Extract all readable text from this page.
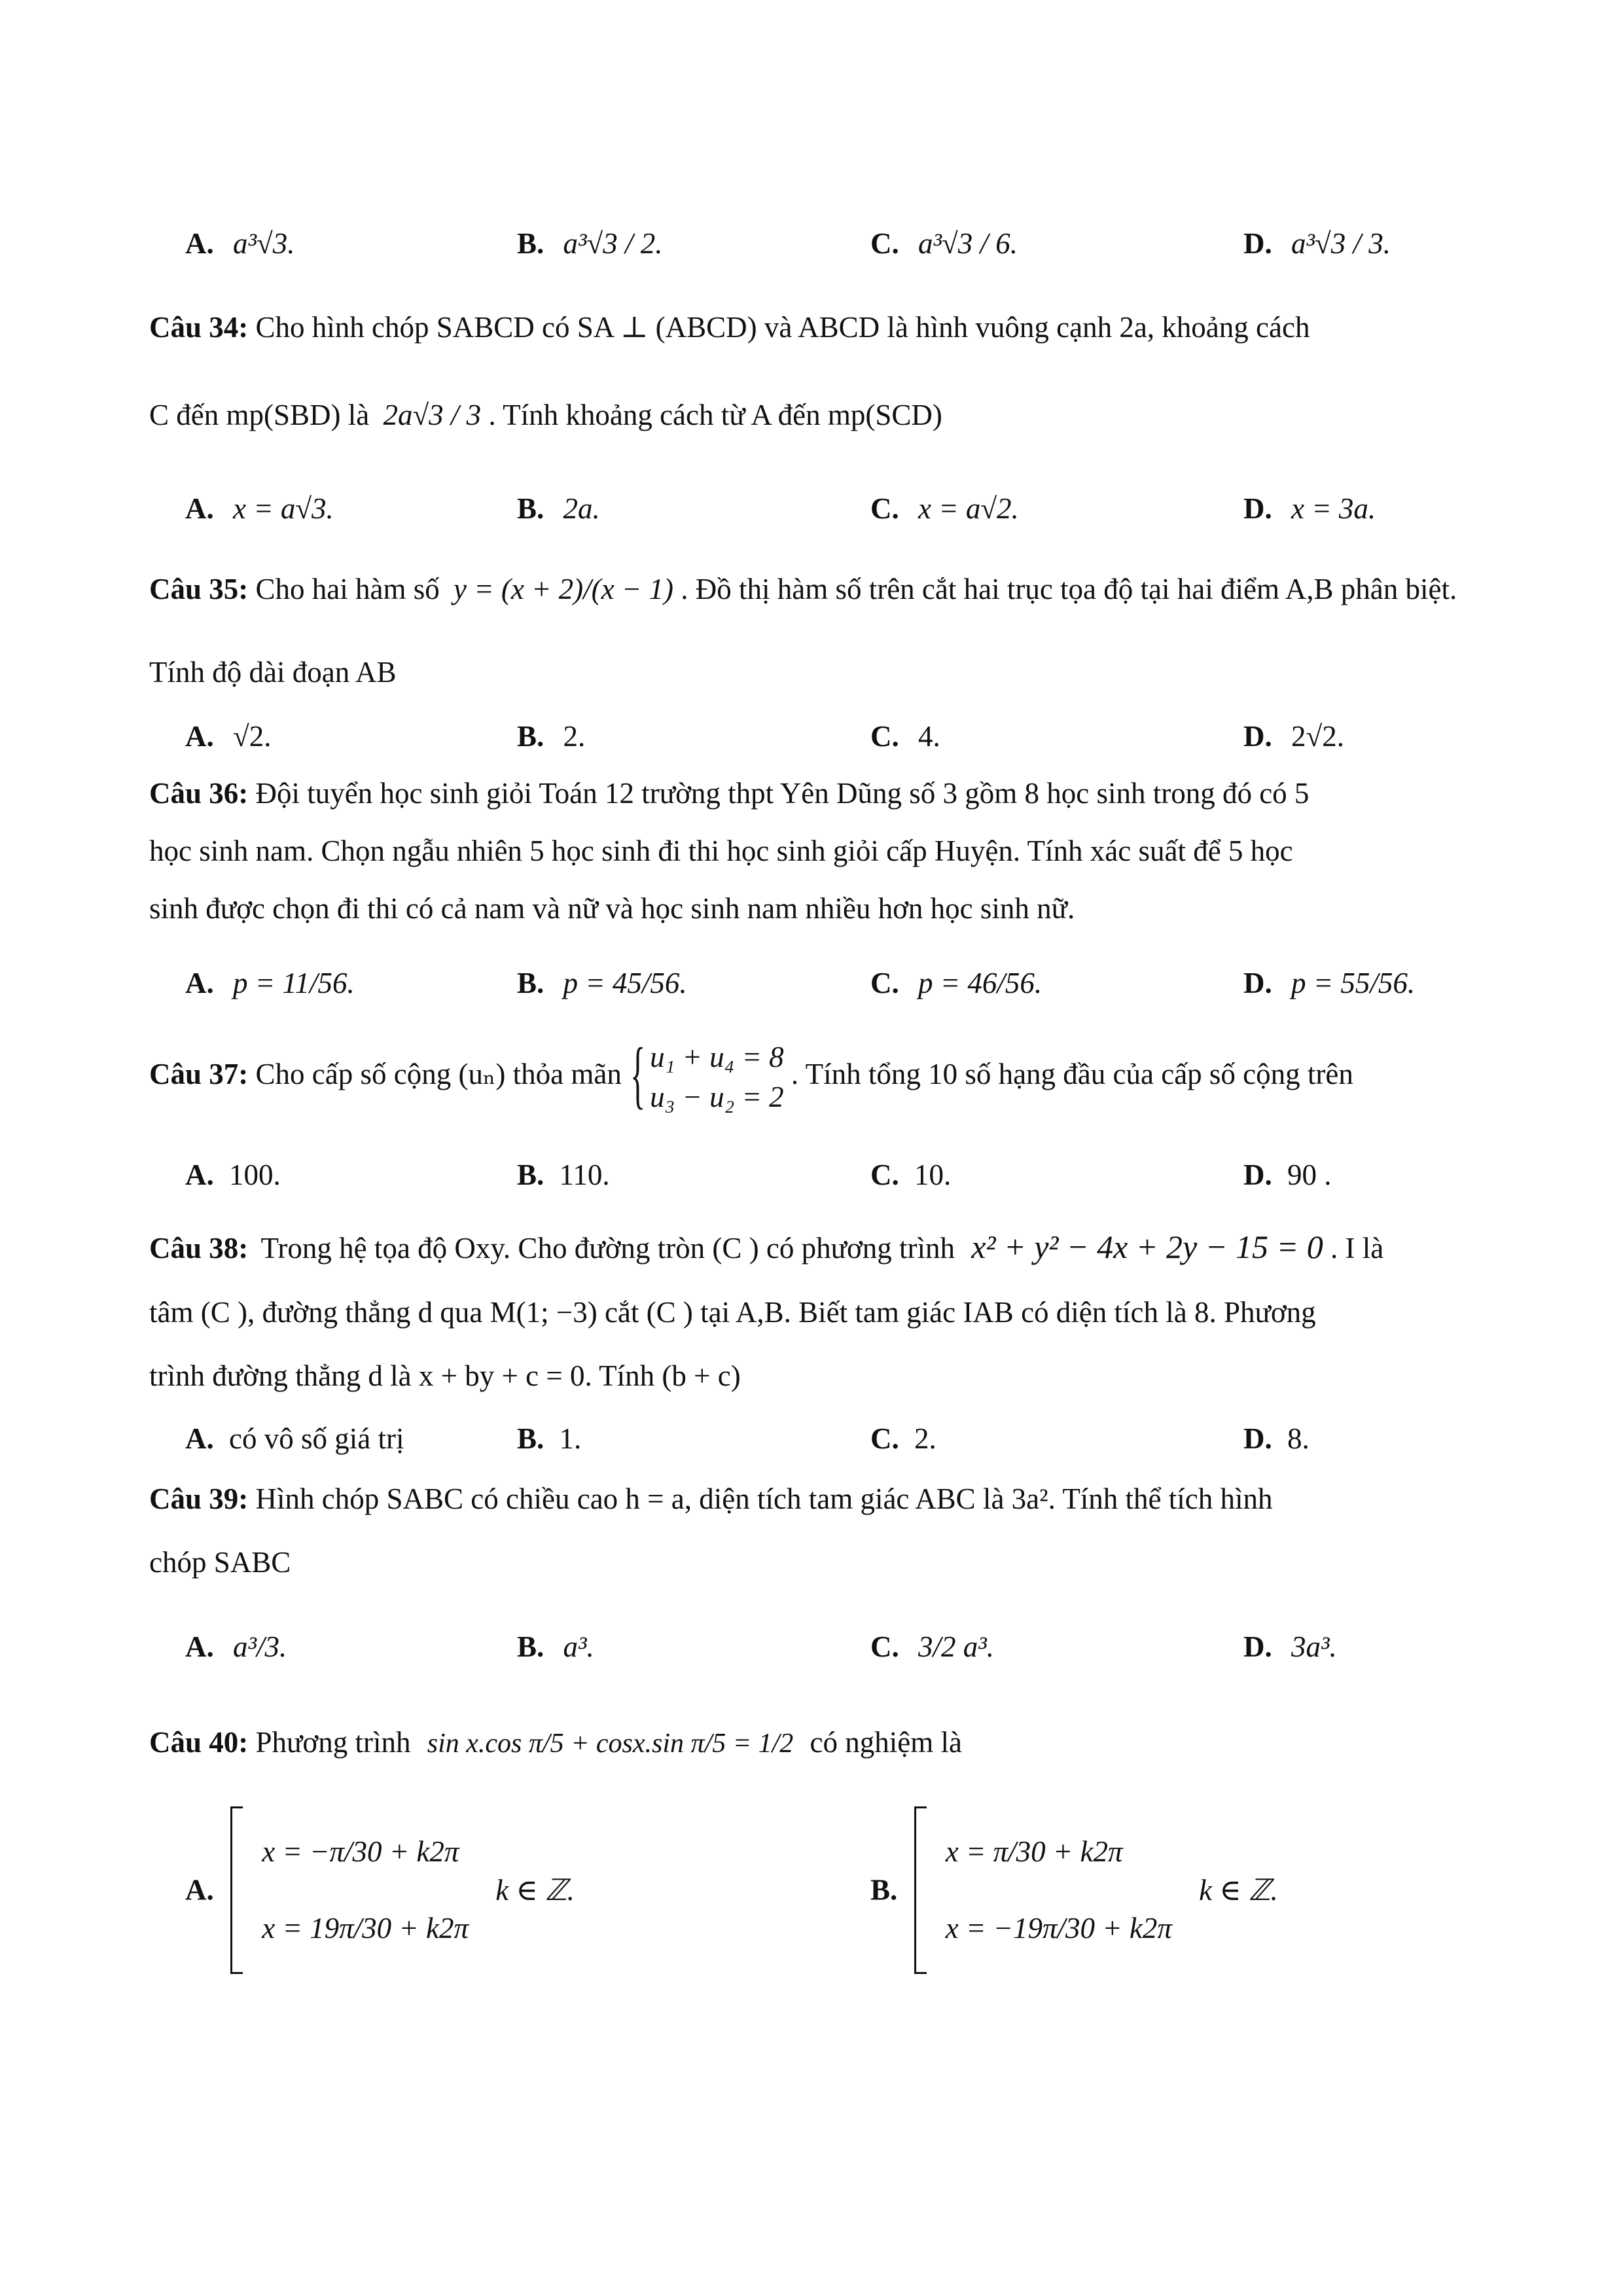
A. a³√3.	B. a³√3 / 2.	C. a³√3 / 6.	D. a³√3 / 3.
Câu 34: Cho hình chóp SABCD có SA ⊥ (ABCD) và ABCD là hình vuông cạnh 2a, khoảng cách
C đến mp(SBD) là 2a√3 / 3 . Tính khoảng cách từ A đến mp(SCD)
A. x = a√3.	B. 2a.	C. x = a√2.	D. x = 3a.
Câu 35: Cho hai hàm số y = (x + 2)/(x − 1) . Đồ thị hàm số trên cắt hai trục tọa độ tại hai điểm A,B phân biệt.
Tính độ dài đoạn AB
A. √2.	B. 2.	C. 4.	D. 2√2.
Câu 36: Đội tuyển học sinh giỏi Toán 12 trường thpt Yên Dũng số 3 gồm 8 học sinh trong đó có 5
học sinh nam. Chọn ngẫu nhiên 5 học sinh đi thi học sinh giỏi cấp Huyện. Tính xác suất để 5 học
sinh được chọn đi thi có cả nam và nữ và học sinh nam nhiều hơn học sinh nữ.
A. p = 11/56.	B. p = 45/56.	C. p = 46/56.	D. p = 55/56.
Câu 37: Cho cấp số cộng (uₙ) thỏa mãn
{ u₁ + u₄ = 8
u₃ − u₂ = 2
. Tính tổng 10 số hạng đầu của cấp số cộng trên
A. 100.	B. 110.	C. 10.	D. 90 .
Câu 38: Trong hệ tọa độ Oxy. Cho đường tròn (C ) có phương trình x² + y² − 4x + 2y − 15 = 0 . I là
tâm (C ), đường thẳng d qua M(1; −3) cắt (C ) tại A,B. Biết tam giác IAB có diện tích là 8. Phương
trình đường thẳng d là x + by + c = 0. Tính (b + c)
A. có vô số giá trị	B. 1.	C. 2.	D. 8.
Câu 39: Hình chóp SABC có chiều cao h = a, diện tích tam giác ABC là 3a². Tính thể tích hình
chóp SABC
A. a³/3.	B. a³.	C. 3/2 a³.	D. 3a³.
Câu 40: Phương trình sin x.cos π/5 + cosx.sin π/5 = 1/2 có nghiệm là
A.
x = −π/30 + k2π
x = 19π/30 + k2π
k ∈ ℤ.	B.
x = π/30 + k2π
x = −19π/30 + k2π
k ∈ ℤ.
